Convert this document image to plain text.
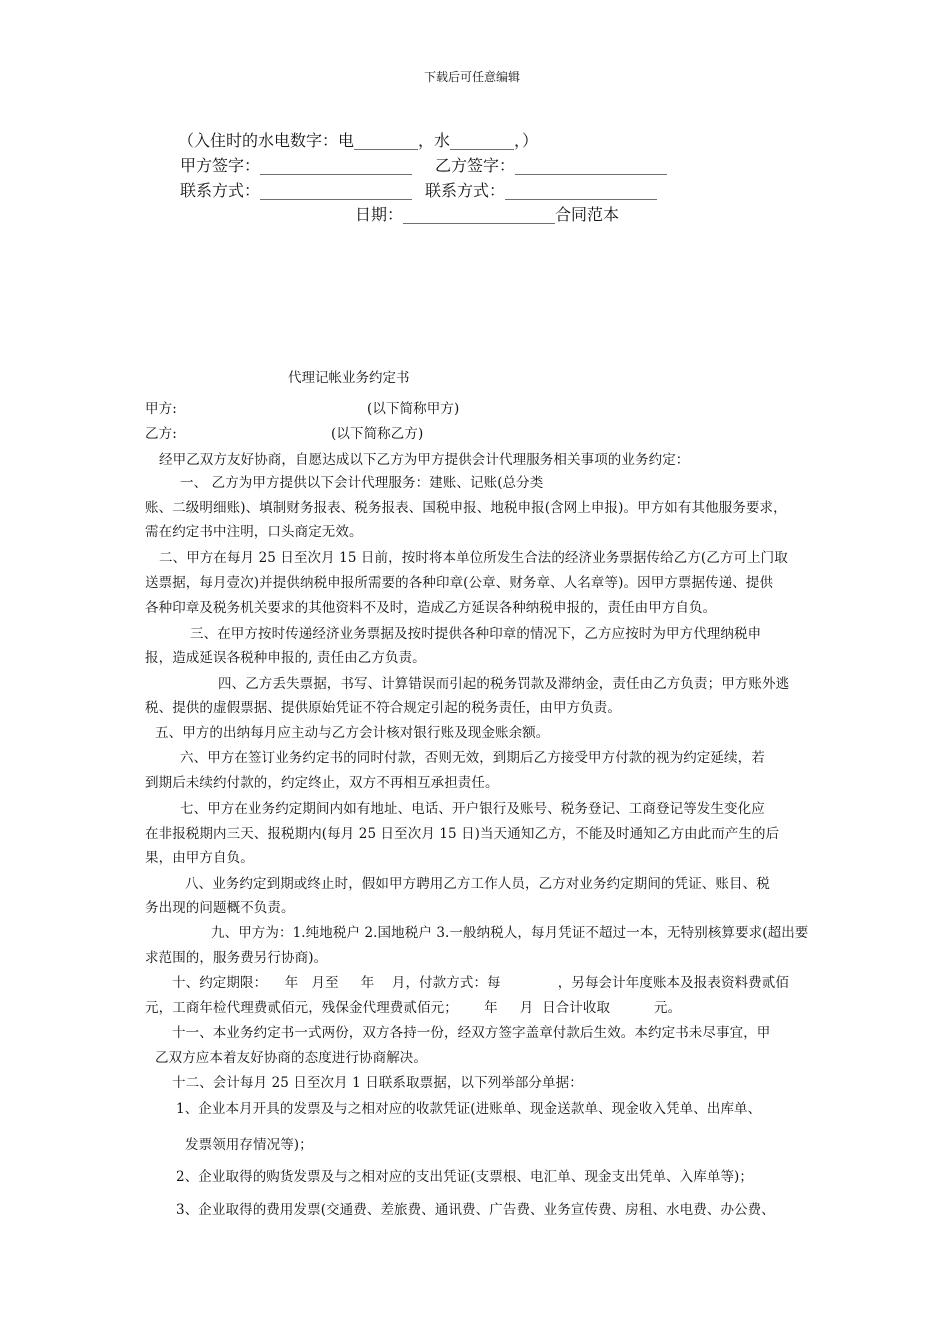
下载后可任意编辑
（入住时的水电数字：电________，水________，）
甲方签字：___________________ 乙方签字：___________________
联系方式：___________________ 联系方式：___________________
日期：___________________合同范本
代理记帐业务约定书
甲方:	(以下简称甲方)
乙方:	(以下简称乙方)
经甲乙双方友好协商，自愿达成以下乙方为甲方提供会计代理服务相关事项的业务约定：
一、 乙方为甲方提供以下会计代理服务：建账、记账(总分类
账、二级明细账)、填制财务报表、税务报表、国税申报、地税申报(含网上申报)。甲方如有其他服务要求，
需在约定书中注明，口头商定无效。
二、甲方在每月 25 日至次月 15 日前，按时将本单位所发生合法的经济业务票据传给乙方(乙方可上门取
送票据，每月壹次)并提供纳税申报所需要的各种印章(公章、财务章、人名章等)。因甲方票据传递、提供
各种印章及税务机关要求的其他资料不及时，造成乙方延误各种纳税申报的，责任由甲方自负。
三、在甲方按时传递经济业务票据及按时提供各种印章的情况下，乙方应按时为甲方代理纳税申
报，造成延误各税种申报的, 责任由乙方负责。
四、乙方丢失票据，书写、计算错误而引起的税务罚款及滞纳金，责任由乙方负责；甲方账外逃
税、提供的虚假票据、提供原始凭证不符合规定引起的税务责任，由甲方负责。
五、甲方的出纳每月应主动与乙方会计核对银行账及现金账余额。
六、甲方在签订业务约定书的同时付款，否则无效，到期后乙方接受甲方付款的视为约定延续，若
到期后未续约付款的，约定终止，双方不再相互承担责任。
七、甲方在业务约定期间内如有地址、电话、开户银行及账号、税务登记、工商登记等发生变化应
在非报税期内三天、报税期内(每月 25 日至次月 15 日)当天通知乙方，不能及时通知乙方由此而产生的后
果，由甲方自负。
八、业务约定到期或终止时，假如甲方聘用乙方工作人员，乙方对业务约定期间的凭证、账目、税
务出现的问题概不负责。
九、甲方为：1.纯地税户 2.国地税户 3.一般纳税人，每月凭证不超过一本，无特别核算要求(超出要
求范围的，服务费另行协商)。
十、约定期限：    年   月至     年    月，付款方式：每             ，另每会计年度账本及报表资料费贰佰
元，工商年检代理费贰佰元，残保金代理费贰佰元；      年     月  日合计收取          元。
十一、本业务约定书一式两份，双方各持一份，经双方签字盖章付款后生效。本约定书未尽事宜，甲
乙双方应本着友好协商的态度进行协商解决。
十二、会计每月 25 日至次月 1 日联系取票据，以下列举部分单据：
1、企业本月开具的发票及与之相对应的收款凭证(进账单、现金送款单、现金收入凭单、出库单、
发票领用存情况等)；
2、企业取得的购货发票及与之相对应的支出凭证(支票根、电汇单、现金支出凭单、入库单等)；
3、企业取得的费用发票(交通费、差旅费、通讯费、广告费、业务宣传费、房租、水电费、办公费、
